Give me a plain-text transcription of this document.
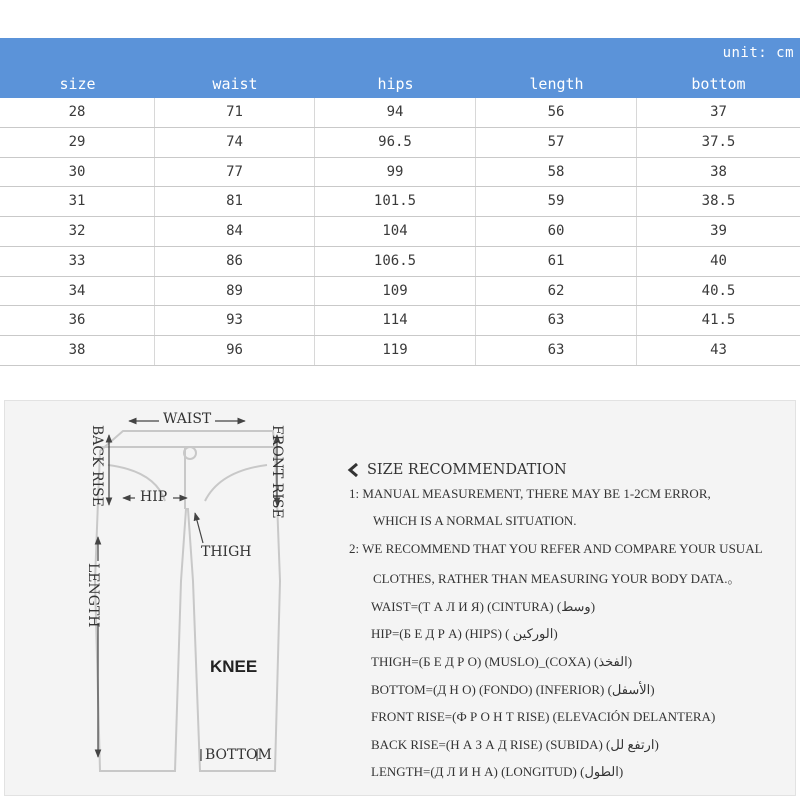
unit: cm
size	waist	hips	length	bottom
28	71	94	56	37
29	74	96.5	57	37.5
30	77	99	58	38
31	81	101.5	59	38.5
32	84	104	60	39
33	86	106.5	61	40
34	89	109	62	40.5
36	93	114	63	41.5
38	96	119	63	43
WAIST
BACK RISE	FRONT RISE
HIP
THIGH
LENGTH
KNEE
BOTTOM
SIZE RECOMMENDATION
1: MANUAL MEASUREMENT, THERE MAY BE 1-2CM ERROR,
WHICH IS A NORMAL SITUATION.
2: WE RECOMMEND THAT YOU REFER AND COMPARE YOUR USUAL
CLOTHES, RATHER THAN MEASURING YOUR BODY DATA.。
WAIST=(Т А Л И Я) (CINTURA) (وسط)
HIP=(Б Е Д Р А) (HIPS) ( الوركين)
THIGH=(Б Е Д Р О) (MUSLO)_(COXA) (الفخذ)
BOTTOM=(Д Н О) (FONDO) (INFERIOR) (الأسفل)
FRONT RISE=(Ф Р О Н Т RISE) (ELEVACIÓN DELANTERA)
BACK RISE=(Н А З А Д RISE) (SUBIDA) (ارتفع لل)
LENGTH=(Д Л И Н А) (LONGITUD) (الطول)
